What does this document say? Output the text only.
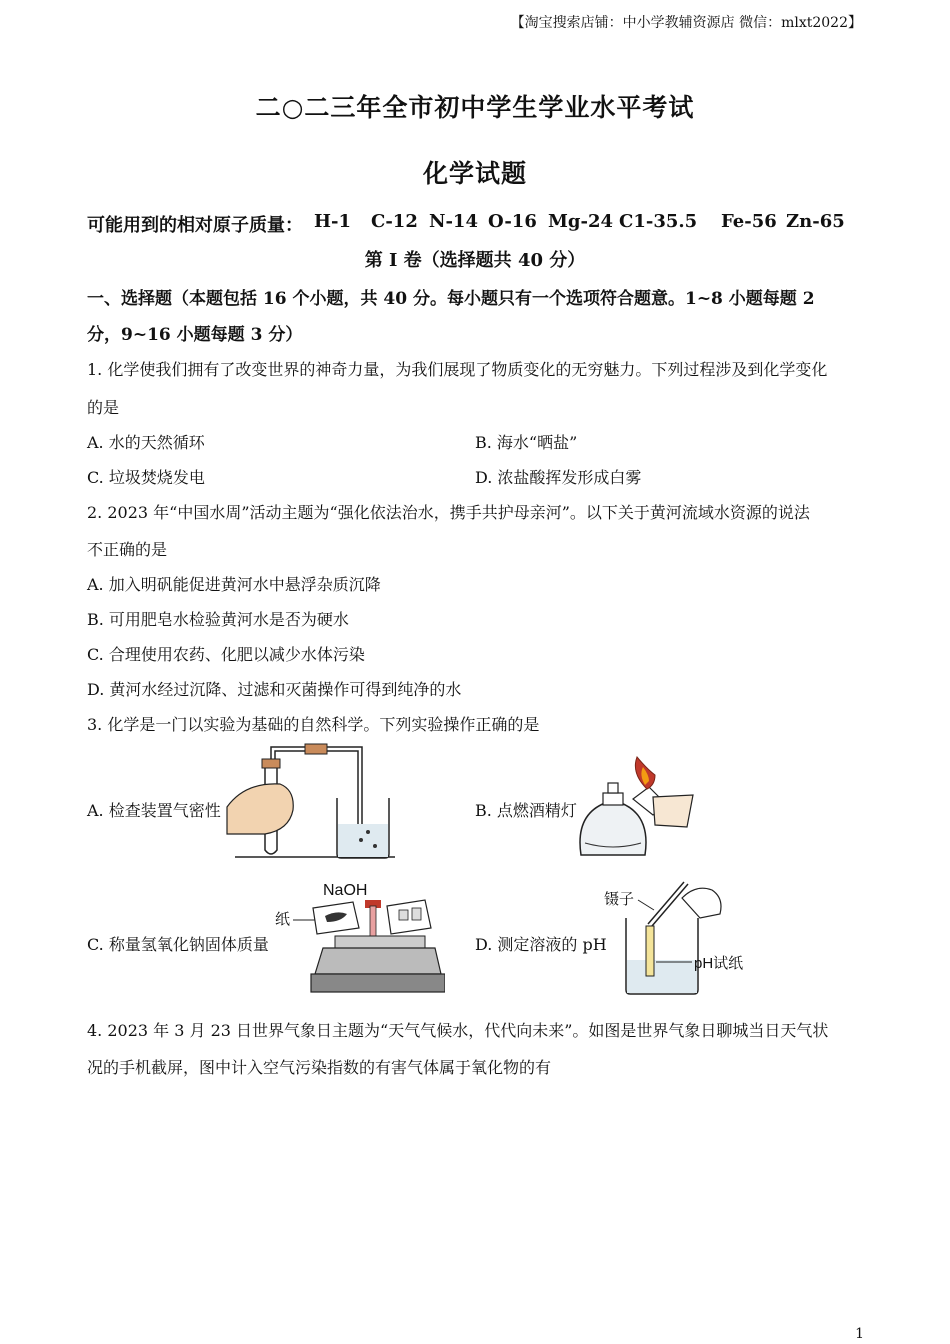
【淘宝搜索店铺：中小学教辅资源店 微信：mlxt2022】
二○二三年全市初中学生学业水平考试
化学试题
可能用到的相对原子质量： H-1 C-12 N-14 O-16 Mg-24 C1-35.5 Fe-56 Zn-65
第 I 卷（选择题共 40 分）
一、选择题（本题包括 16 个小题，共 40 分。每小题只有一个选项符合题意。1~8 小题每题 2
分，9~16 小题每题 3 分）
1. 化学使我们拥有了改变世界的神奇力量，为我们展现了物质变化的无穷魅力。下列过程涉及到化学变化
的是
A. 水的天然循环	B. 海水“晒盐”
C. 垃圾焚烧发电	D. 浓盐酸挥发形成白雾
2. 2023 年“中国水周”活动主题为“强化依法治水，携手共护母亲河”。以下关于黄河流域水资源的说法
不正确的是
A. 加入明矾能促进黄河水中悬浮杂质沉降
B. 可用肥皂水检验黄河水是否为硬水
C. 合理使用农药、化肥以减少水体污染
D. 黄河水经过沉降、过滤和灭菌操作可得到纯净的水
3. 化学是一门以实验为基础的自然科学。下列实验操作正确的是
A. 检查装置气密性	B. 点燃酒精灯
C. 称量氢氧化钠固体质量	D. 测定溶液的 pH
NaOH
纸
镊子
pH试纸
4. 2023 年 3 月 23 日世界气象日主题为“天气气候水，代代向未来”。如图是世界气象日聊城当日天气状
况的手机截屏，图中计入空气污染指数的有害气体属于氧化物的有
1
